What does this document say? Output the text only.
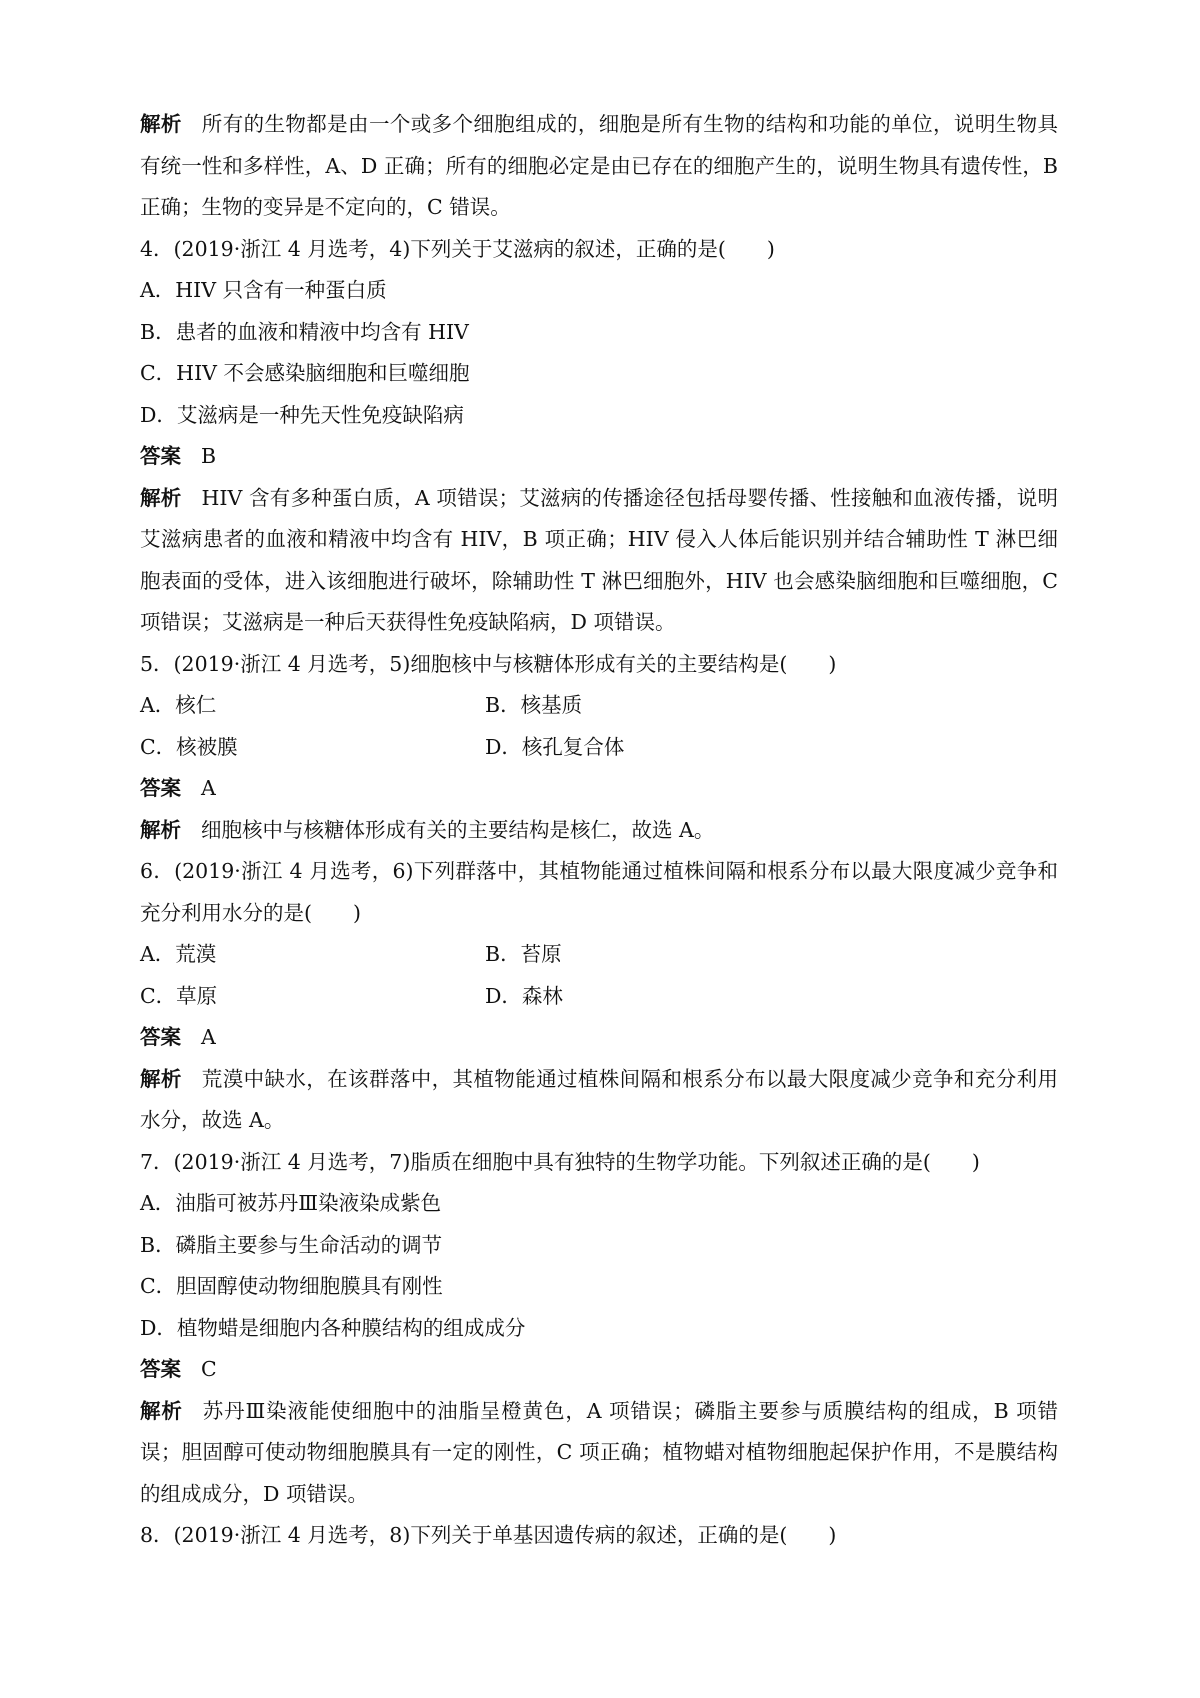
解析 所有的生物都是由一个或多个细胞组成的，细胞是所有生物的结构和功能的单位，说明生物具有统一性和多样性，A、D 正确；所有的细胞必定是由已存在的细胞产生的，说明生物具有遗传性，B 正确；生物的变异是不定向的，C 错误。
4．(2019·浙江 4 月选考，4)下列关于艾滋病的叙述，正确的是(　　)
A．HIV 只含有一种蛋白质
B．患者的血液和精液中均含有 HIV
C．HIV 不会感染脑细胞和巨噬细胞
D．艾滋病是一种先天性免疫缺陷病
答案 B
解析 HIV 含有多种蛋白质，A 项错误；艾滋病的传播途径包括母婴传播、性接触和血液传播，说明艾滋病患者的血液和精液中均含有 HIV，B 项正确；HIV 侵入人体后能识别并结合辅助性 T 淋巴细胞表面的受体，进入该细胞进行破坏，除辅助性 T 淋巴细胞外，HIV 也会感染脑细胞和巨噬细胞，C 项错误；艾滋病是一种后天获得性免疫缺陷病，D 项错误。
5．(2019·浙江 4 月选考，5)细胞核中与核糖体形成有关的主要结构是(　　)
A．核仁	B．核基质
C．核被膜	D．核孔复合体
答案 A
解析 细胞核中与核糖体形成有关的主要结构是核仁，故选 A。
6．(2019·浙江 4 月选考，6)下列群落中，其植物能通过植株间隔和根系分布以最大限度减少竞争和充分利用水分的是(　　)
A．荒漠	B．苔原
C．草原	D．森林
答案 A
解析 荒漠中缺水，在该群落中，其植物能通过植株间隔和根系分布以最大限度减少竞争和充分利用水分，故选 A。
7．(2019·浙江 4 月选考，7)脂质在细胞中具有独特的生物学功能。下列叙述正确的是(　　)
A．油脂可被苏丹Ⅲ染液染成紫色
B．磷脂主要参与生命活动的调节
C．胆固醇使动物细胞膜具有刚性
D．植物蜡是细胞内各种膜结构的组成成分
答案 C
解析 苏丹Ⅲ染液能使细胞中的油脂呈橙黄色，A 项错误；磷脂主要参与质膜结构的组成，B 项错误；胆固醇可使动物细胞膜具有一定的刚性，C 项正确；植物蜡对植物细胞起保护作用，不是膜结构的组成成分，D 项错误。
8．(2019·浙江 4 月选考，8)下列关于单基因遗传病的叙述，正确的是(　　)
